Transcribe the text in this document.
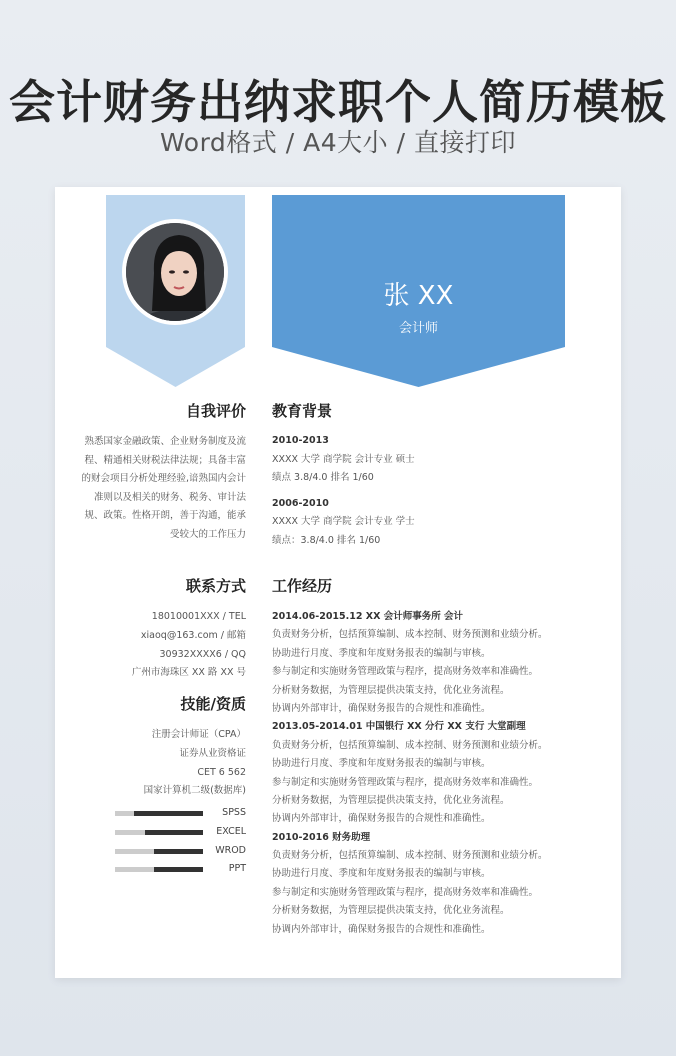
会计财务出纳求职个人简历模板
Word格式 / A4大小 / 直接打印
张 XX
会计师
自我评价
熟悉国家金融政策、企业财务制度及流程、精通相关财税法律法规；具备丰富的财会项目分析处理经验,谙熟国内会计准则以及相关的财务、税务、审计法规、政策。性格开朗，善于沟通，能承受较大的工作压力
联系方式
18010001XXX / TEL
xiaoq@163.com / 邮箱
30932XXXX6 / QQ
广州市海珠区 XX 路 XX 号
技能/资质
注册会计师证（CPA）
证券从业资格证
CET 6 562
国家计算机二级(数据库)
SPSS
EXCEL
WROD
PPT
教育背景
2010-2013
XXXX 大学 商学院 会计专业 硕士
绩点 3.8/4.0 排名 1/60
2006-2010
XXXX 大学 商学院 会计专业 学士
绩点：3.8/4.0 排名 1/60
工作经历
2014.06-2015.12 XX 会计师事务所 会计
负责财务分析，包括预算编制、成本控制、财务预测和业绩分析。
协助进行月度、季度和年度财务报表的编制与审核。
参与制定和实施财务管理政策与程序，提高财务效率和准确性。
分析财务数据，为管理层提供决策支持，优化业务流程。
协调内外部审计，确保财务报告的合规性和准确性。
2013.05-2014.01 中国银行 XX 分行 XX 支行 大堂副理
负责财务分析，包括预算编制、成本控制、财务预测和业绩分析。
协助进行月度、季度和年度财务报表的编制与审核。
参与制定和实施财务管理政策与程序，提高财务效率和准确性。
分析财务数据，为管理层提供决策支持，优化业务流程。
协调内外部审计，确保财务报告的合规性和准确性。
2010-2016 财务助理
负责财务分析，包括预算编制、成本控制、财务预测和业绩分析。
协助进行月度、季度和年度财务报表的编制与审核。
参与制定和实施财务管理政策与程序，提高财务效率和准确性。
分析财务数据，为管理层提供决策支持，优化业务流程。
协调内外部审计，确保财务报告的合规性和准确性。
